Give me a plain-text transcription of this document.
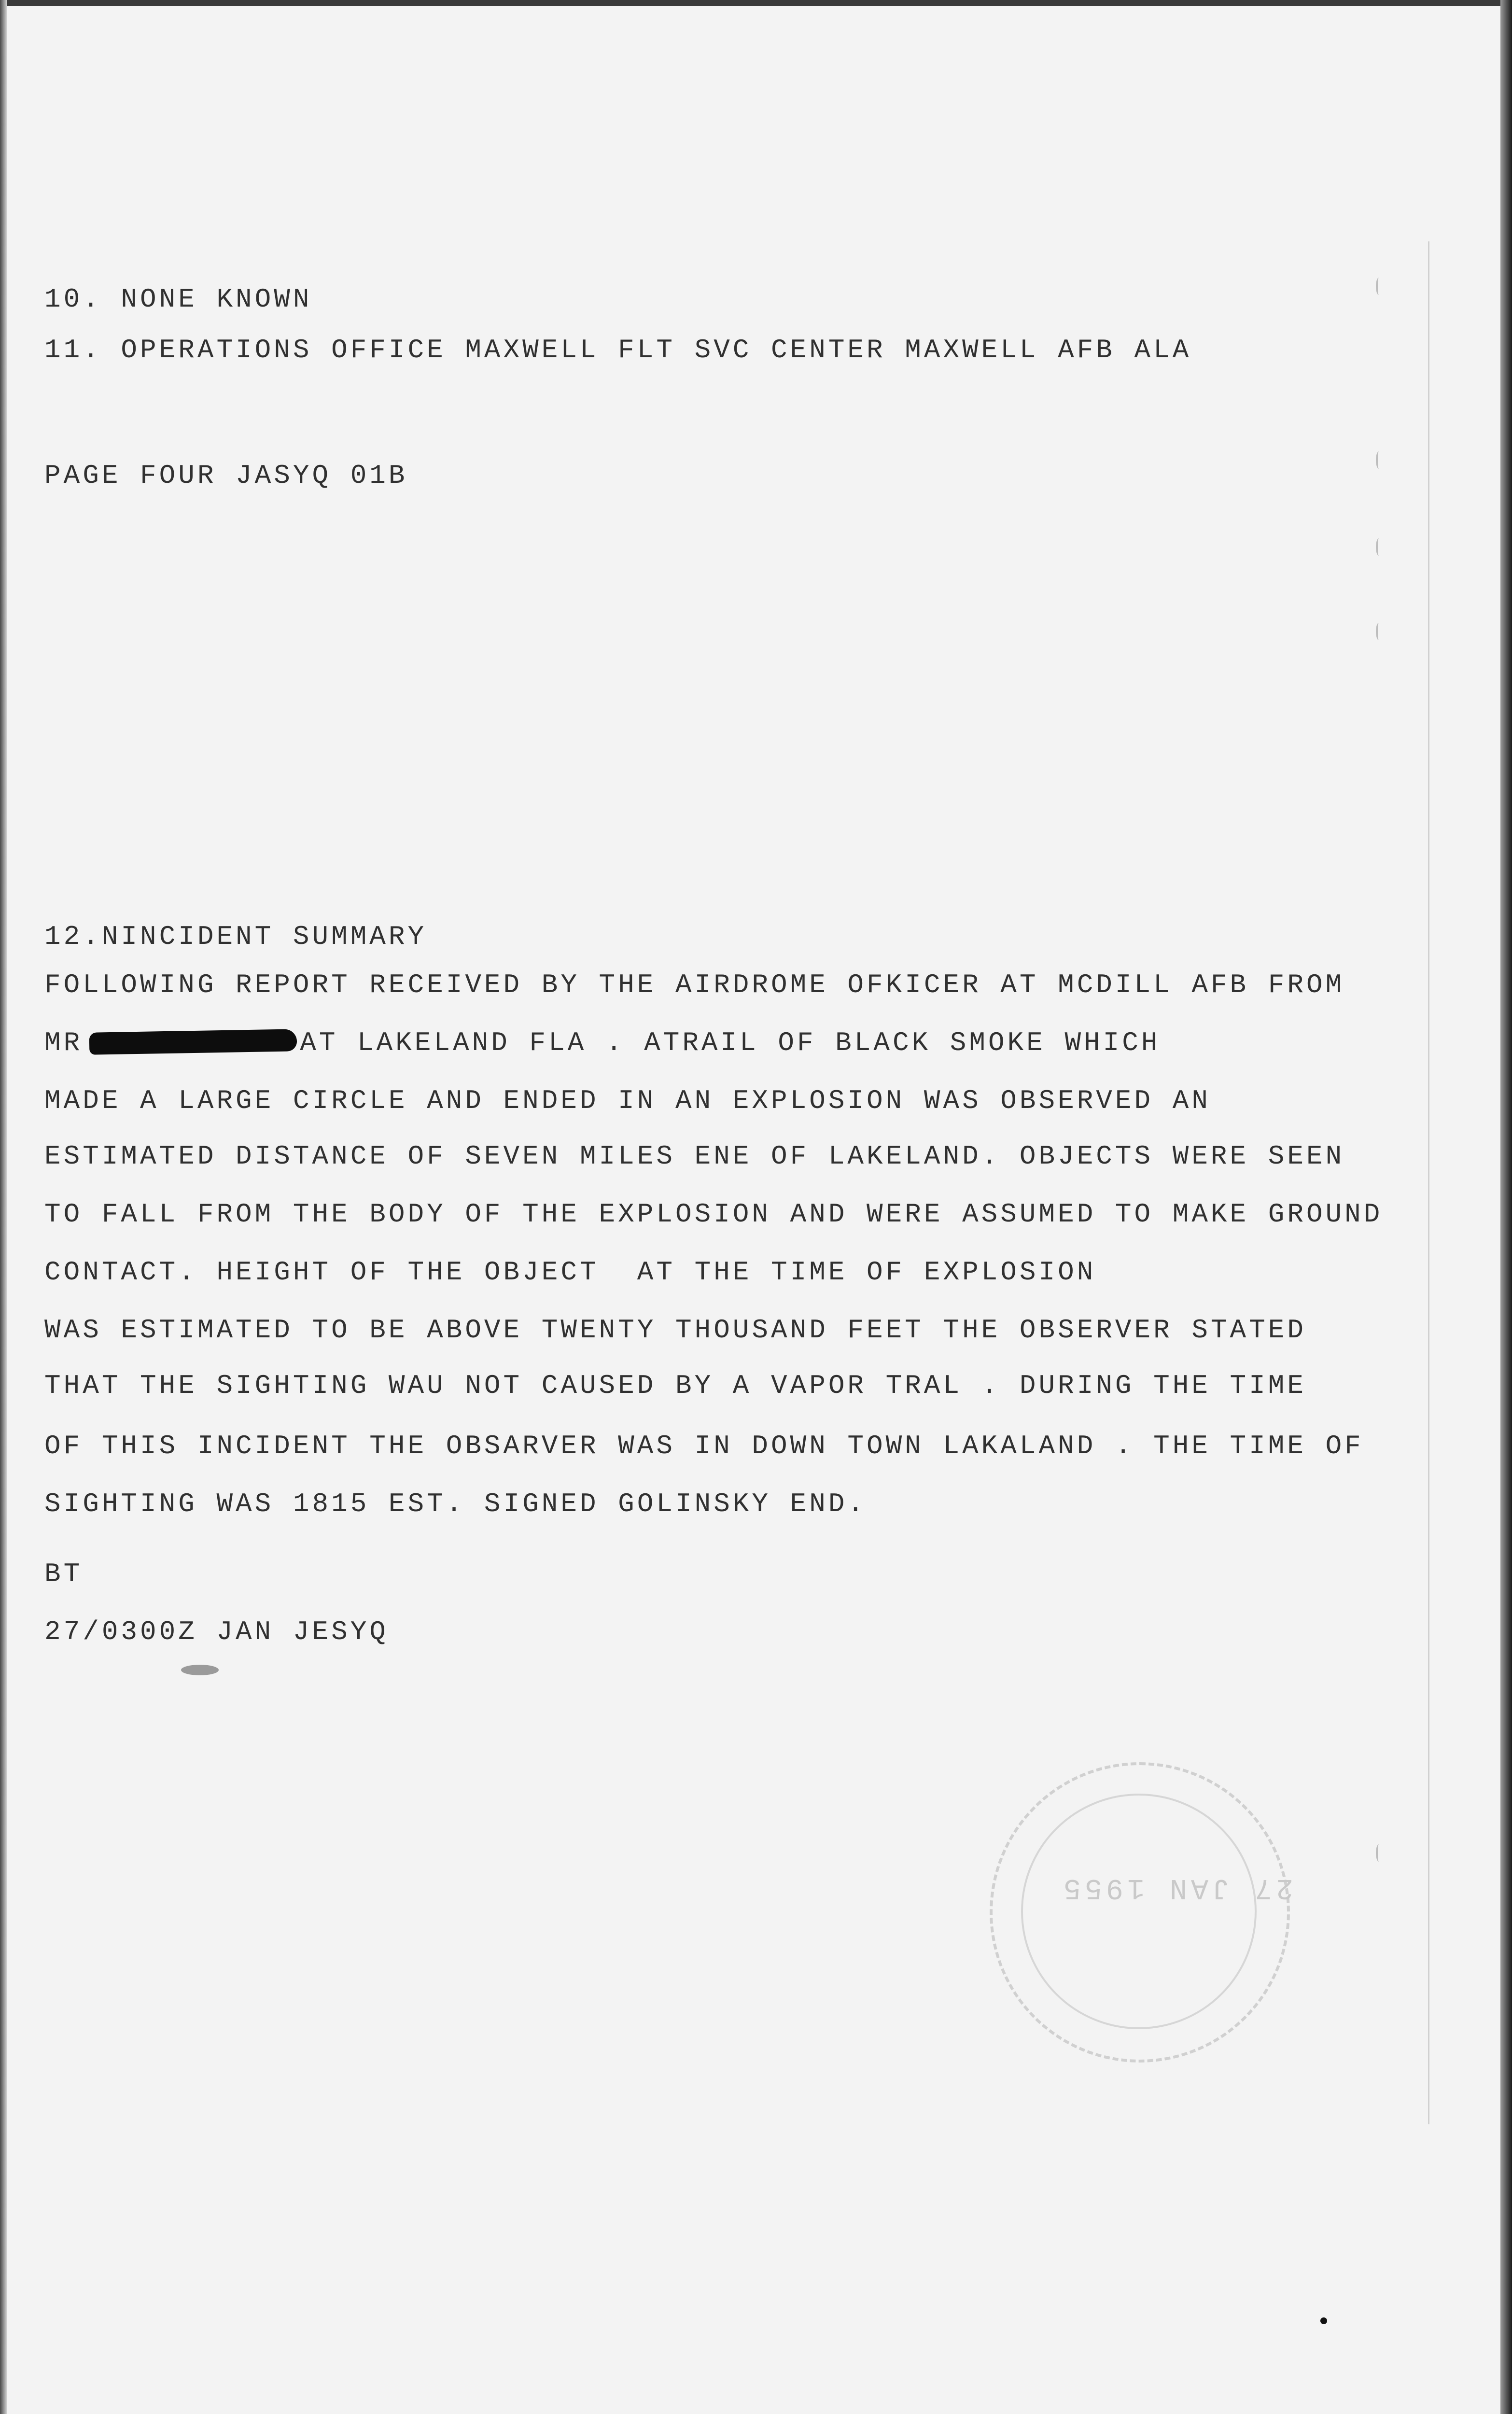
10. NONE KNOWN
11. OPERATIONS OFFICE MAXWELL FLT SVC CENTER MAXWELL AFB ALA
PAGE FOUR JASYQ 01B
12.NINCIDENT SUMMARY
FOLLOWING REPORT RECEIVED BY THE AIRDROME OFKICER AT MCDILL AFB FROM
MR	AT LAKELAND FLA . ATRAIL OF BLACK SMOKE WHICH
MADE A LARGE CIRCLE AND ENDED IN AN EXPLOSION WAS OBSERVED AN
ESTIMATED DISTANCE OF SEVEN MILES ENE OF LAKELAND. OBJECTS WERE SEEN
TO FALL FROM THE BODY OF THE EXPLOSION AND WERE ASSUMED TO MAKE GROUND
CONTACT. HEIGHT OF THE OBJECT  AT THE TIME OF EXPLOSION
WAS ESTIMATED TO BE ABOVE TWENTY THOUSAND FEET THE OBSERVER STATED
THAT THE SIGHTING WAU NOT CAUSED BY A VAPOR TRAL . DURING THE TIME
OF THIS INCIDENT THE OBSARVER WAS IN DOWN TOWN LAKALAND . THE TIME OF
SIGHTING WAS 1815 EST. SIGNED GOLINSKY END.
BT
27/0300Z JAN JESYQ
27 JAN 1955
